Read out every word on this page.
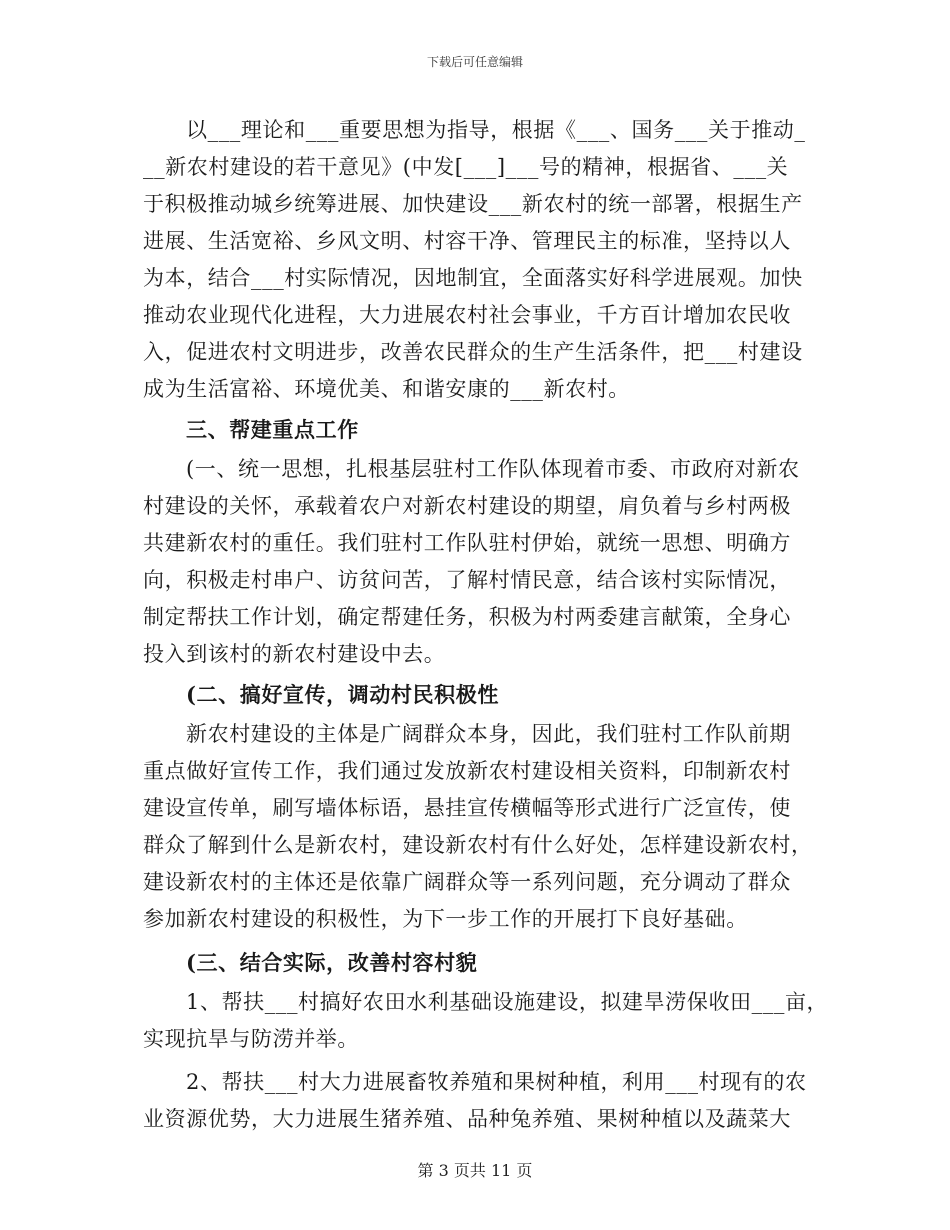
下载后可任意编辑
以___理论和___重要思想为指导，根据《___、国务___关于推动_
__新农村建设的若干意见》(中发[___]___号的精神，根据省、___关
于积极推动城乡统筹进展、加快建设___新农村的统一部署，根据生产
进展、生活宽裕、乡风文明、村容干净、管理民主的标准，坚持以人
为本，结合___村实际情况，因地制宜，全面落实好科学进展观。加快
推动农业现代化进程，大力进展农村社会事业，千方百计增加农民收
入，促进农村文明进步，改善农民群众的生产生活条件，把___村建设
成为生活富裕、环境优美、和谐安康的___新农村。
三、帮建重点工作
(一、统一思想，扎根基层驻村工作队体现着市委、市政府对新农
村建设的关怀，承载着农户对新农村建设的期望，肩负着与乡村两极
共建新农村的重任。我们驻村工作队驻村伊始，就统一思想、明确方
向，积极走村串户、访贫问苦，了解村情民意，结合该村实际情况，
制定帮扶工作计划，确定帮建任务，积极为村两委建言献策，全身心
投入到该村的新农村建设中去。
(二、搞好宣传，调动村民积极性
新农村建设的主体是广阔群众本身，因此，我们驻村工作队前期
重点做好宣传工作，我们通过发放新农村建设相关资料，印制新农村
建设宣传单，刷写墙体标语，悬挂宣传横幅等形式进行广泛宣传，使
群众了解到什么是新农村，建设新农村有什么好处，怎样建设新农村，
建设新农村的主体还是依靠广阔群众等一系列问题，充分调动了群众
参加新农村建设的积极性，为下一步工作的开展打下良好基础。
(三、结合实际，改善村容村貌
1、帮扶___村搞好农田水利基础设施建设，拟建旱涝保收田___亩，
实现抗旱与防涝并举。
2、帮扶___村大力进展畜牧养殖和果树种植，利用___村现有的农
业资源优势，大力进展生猪养殖、品种兔养殖、果树种植以及蔬菜大
第 3 页共 11 页
